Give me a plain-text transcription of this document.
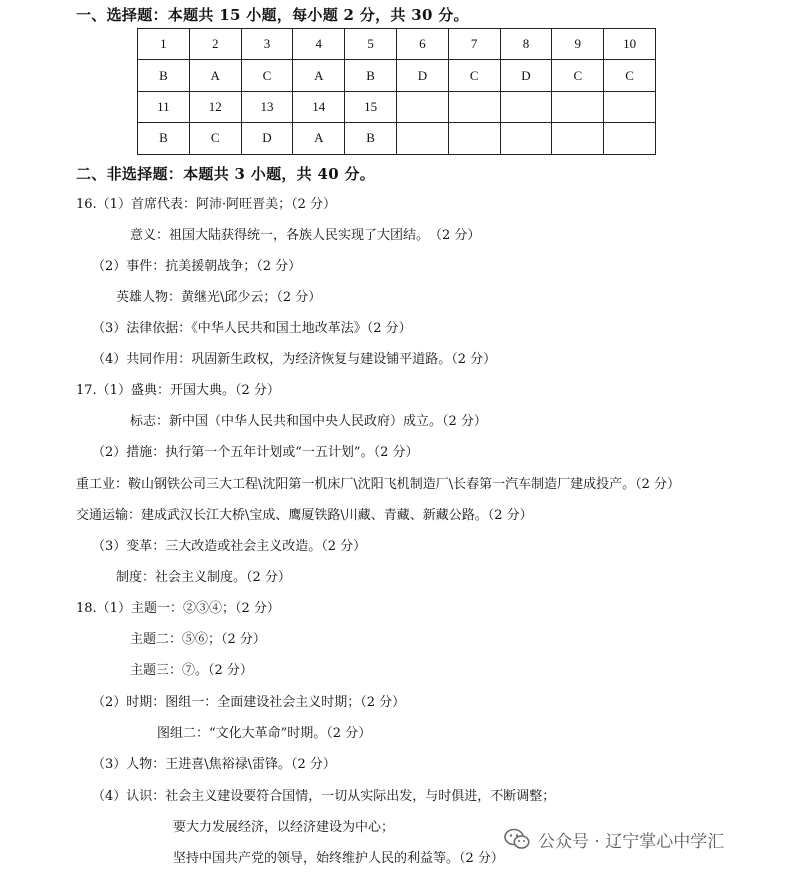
一、选择题：本题共 15 小题，每小题 2 分，共 30 分。
1	2	3	4	5	6	7	8	9	10
B	A	C	A	B	D	C	D	C	C
11	12	13	14	15					
B	C	D	A	B					
二、非选择题：本题共 3 小题，共 40 分。
16.（1）首席代表：阿沛·阿旺晋美；（2 分）
意义：祖国大陆获得统一，各族人民实现了大团结。　（2 分）
（2）事件：抗美援朝战争；（2 分）
英雄人物：黄继光\邱少云；（2 分）
（3）法律依据：《中华人民共和国土地改革法》（2 分）
（4）共同作用：巩固新生政权，为经济恢复与建设铺平道路。（2 分）
17.（1）盛典：开国大典。（2 分）
标志：新中国（中华人民共和国中央人民政府）成立。（2 分）
（2）措施：执行第一个五年计划或“一五计划”。（2 分）
重工业：鞍山钢铁公司三大工程\沈阳第一机床厂\沈阳飞机制造厂\长春第一汽车制造厂建成投产。（2 分）
交通运输：建成武汉长江大桥\宝成、鹰厦铁路\川藏、青藏、新藏公路。（2 分）
（3）变革：三大改造或社会主义改造。（2 分）
制度：社会主义制度。（2 分）
18.（1）主题一：②③④；（2 分）
主题二：⑤⑥；（2 分）
主题三：⑦。（2 分）
（2）时期：图组一：全面建设社会主义时期；（2 分）
图组二：“文化大革命”时期。（2 分）
（3）人物：王进喜\焦裕禄\雷锋。（2 分）
（4）认识：社会主义建设要符合国情，一切从实际出发，与时俱进，不断调整；
要大力发展经济，以经济建设为中心；
坚持中国共产党的领导，始终维护人民的利益等。（2 分）
公众号 · 辽宁掌心中学汇
